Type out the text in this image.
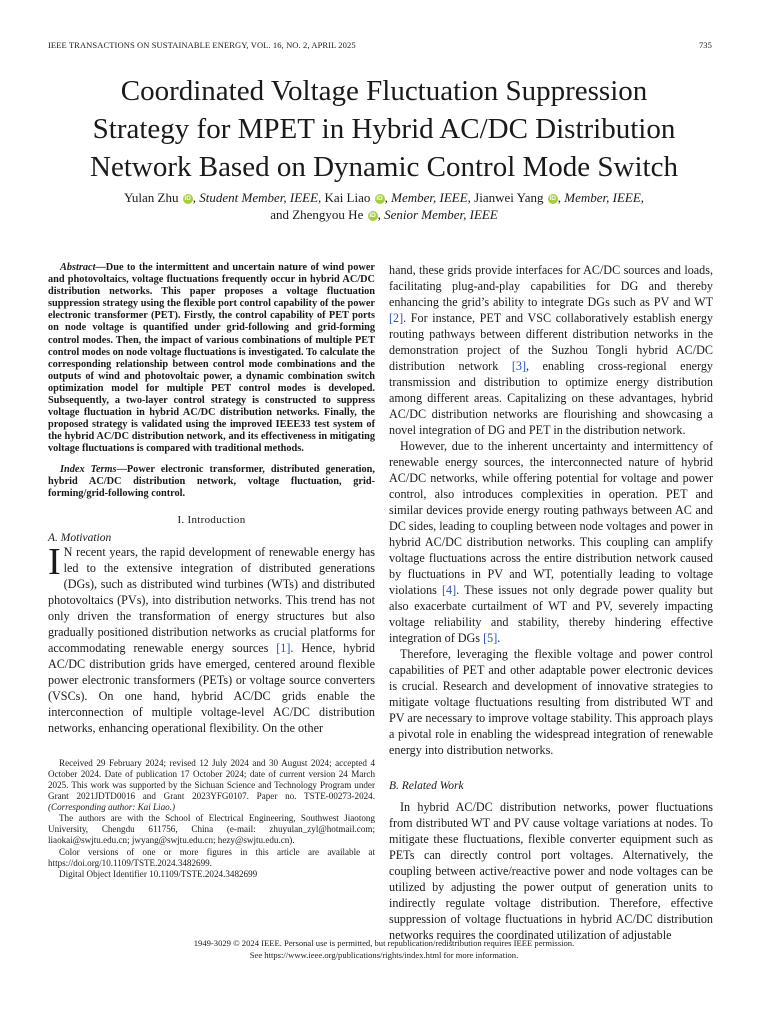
IEEE TRANSACTIONS ON SUSTAINABLE ENERGY, VOL. 16, NO. 2, APRIL 2025	735
Coordinated Voltage Fluctuation Suppression
Strategy for MPET in Hybrid AC/DC Distribution
Network Based on Dynamic Control Mode Switch
Yulan Zhu iD , Student Member, IEEE, Kai Liao iD , Member, IEEE, Jianwei Yang iD , Member, IEEE,
and Zhengyou He iD , Senior Member, IEEE

Abstract—Due to the intermittent and uncertain nature of wind power and photovoltaics, voltage fluctuations frequently occur in hybrid AC/DC distribution networks. This paper proposes a voltage fluctuation suppression strategy using the flexible port control capability of the power electronic transformer (PET). Firstly, the control capability of PET ports on node voltage is quantified under grid-following and grid-forming control modes. Then, the impact of various combinations of multiple PET control modes on node voltage fluctuations is investigated. To calculate the corresponding relationship between control mode combinations and the outputs of wind and photovoltaic power, a dynamic combination switch optimization model for multiple PET control modes is developed. Subsequently, a two-layer control strategy is constructed to suppress voltage fluctuation in hybrid AC/DC distribution networks. Finally, the proposed strategy is validated using the improved IEEE33 test system of the hybrid AC/DC distribution network, and its effectiveness in mitigating voltage fluctuations is compared with traditional methods.

Index Terms—Power electronic transformer, distributed generation, hybrid AC/DC distribution network, voltage fluctuation, grid-forming/grid-following control.

I. Introduction
A. Motivation

I N recent years, the rapid development of renewable energy has led to the extensive integration of distributed generations (DGs), such as distributed wind turbines (WTs) and distributed photovoltaics (PVs), into distribution networks. This trend has not only driven the transformation of energy structures but also gradually positioned distribution networks as crucial platforms for accommodating renewable energy sources [1]. Hence, hybrid AC/DC distribution grids have emerged, centered around flexible power electronic transformers (PETs) or voltage source converters (VSCs). On one hand, hybrid AC/DC grids enable the interconnection of multiple voltage-level AC/DC distribution networks, enhancing operational flexibility. On the other

Received 29 February 2024; revised 12 July 2024 and 30 August 2024; accepted 4 October 2024. Date of publication 17 October 2024; date of current version 24 March 2025. This work was supported by the Sichuan Science and Technology Program under Grant 2021JDTD0016 and Grant 2023YFG0107. Paper no. TSTE-00273-2024. (Corresponding author: Kai Liao.)

The authors are with the School of Electrical Engineering, Southwest Jiaotong University, Chengdu 611756, China (e-mail: zhuyulan_zyl@hotmail.com; liaokai@swjtu.edu.cn; jwyang@swjtu.edu.cn; hezy@swjtu.edu.cn).

Color versions of one or more figures in this article are available at https://doi.org/10.1109/TSTE.2024.3482699.

Digital Object Identifier 10.1109/TSTE.2024.3482699

hand, these grids provide interfaces for AC/DC sources and loads, facilitating plug-and-play capabilities for DG and thereby enhancing the grid’s ability to integrate DGs such as PV and WT [2]. For instance, PET and VSC collaboratively establish energy routing pathways between different distribution networks in the demonstration project of the Suzhou Tongli hybrid AC/DC distribution network [3], enabling cross-regional energy transmission and distribution to optimize energy distribution among different areas. Capitalizing on these advantages, hybrid AC/DC distribution networks are flourishing and showcasing a novel integration of DG and PET in the distribution network.

However, due to the inherent uncertainty and intermittency of renewable energy sources, the interconnected nature of hybrid AC/DC networks, while offering potential for voltage and power control, also introduces complexities in operation. PET and similar devices provide energy routing pathways between AC and DC sides, leading to coupling between node voltages and power in hybrid AC/DC distribution networks. This coupling can amplify voltage fluctuations across the entire distribution network caused by fluctuations in PV and WT, potentially leading to voltage violations [4]. These issues not only degrade power quality but also exacerbate curtailment of WT and PV, severely impacting voltage reliability and stability, thereby hindering effective integration of DGs [5].

Therefore, leveraging the flexible voltage and power control capabilities of PET and other adaptable power electronic devices is crucial. Research and development of innovative strategies to mitigate voltage fluctuations resulting from distributed WT and PV are necessary to improve voltage stability. This approach plays a pivotal role in enabling the widespread integration of renewable energy into distribution networks.

B. Related Work

In hybrid AC/DC distribution networks, power fluctuations from distributed WT and PV cause voltage variations at nodes. To mitigate these fluctuations, flexible converter equipment such as PETs can directly control port voltages. Alternatively, the coupling between active/reactive power and node voltages can be utilized by adjusting the power output of generation units to indirectly regulate voltage distribution. Therefore, effective suppression of voltage fluctuations in hybrid AC/DC distribution networks requires the coordinated utilization of adjustable

1949-3029 © 2024 IEEE. Personal use is permitted, but republication/redistribution requires IEEE permission.
See https://www.ieee.org/publications/rights/index.html for more information.
